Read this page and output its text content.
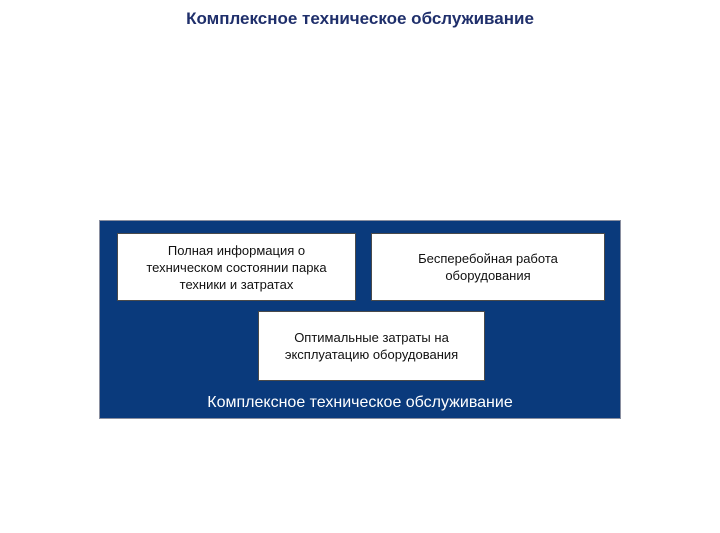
Комплексное техническое обслуживание
Полная информация о
техническом состоянии парка
техники и затратах
Бесперебойная работа
оборудования
Оптимальные затраты на
эксплуатацию оборудования
Комплексное техническое обслуживание
